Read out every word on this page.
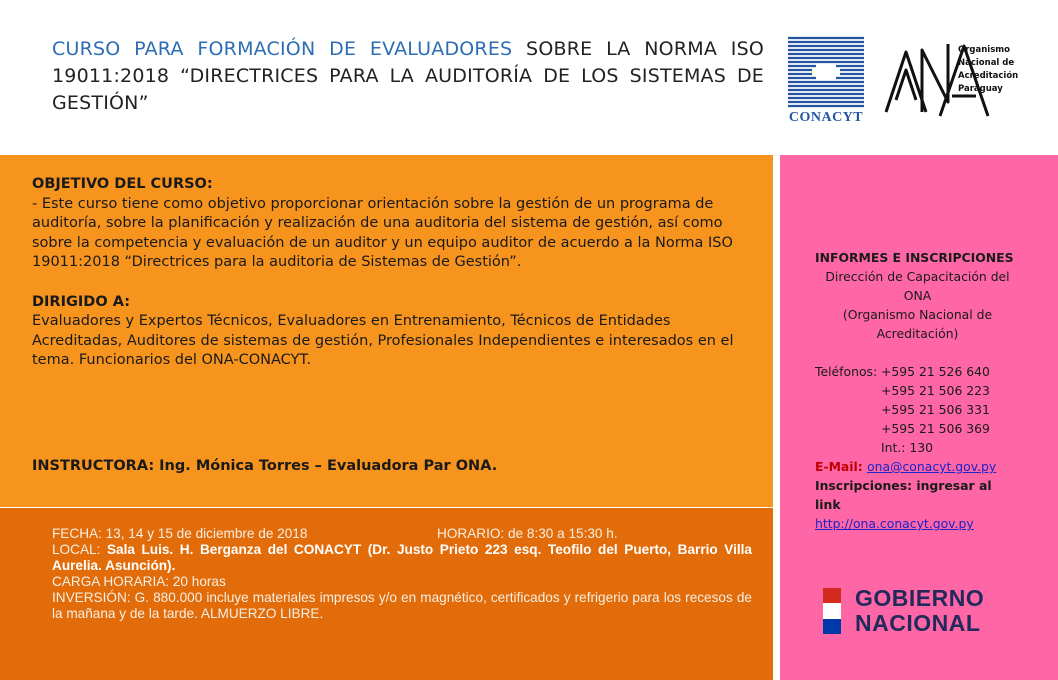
CURSO PARA FORMACIÓN DE EVALUADORES SOBRE LA NORMA ISO 19011:2018 “DIRECTRICES PARA LA AUDITORÍA DE LOS SISTEMAS DE GESTIÓN”
CONACYT
Organismo
Nacional de
Acreditación
Paraguay
OBJETIVO DEL CURSO:

- Este curso tiene como objetivo proporcionar orientación sobre la gestión de un programa de auditoría, sobre la planificación y realización de una auditoria del sistema de gestión, así como sobre la competencia y evaluación de un auditor y un equipo auditor de acuerdo a la Norma ISO 19011:2018 “Directrices para la auditoria de Sistemas de Gestión”.

DIRIGIDO A:

Evaluadores y Expertos Técnicos, Evaluadores en Entrenamiento, Técnicos de Entidades Acreditadas, Auditores de sistemas de gestión, Profesionales Independientes e interesados en el tema. Funcionarios del ONA-CONACYT.

INSTRUCTORA: Ing. Mónica Torres – Evaluadora Par ONA.
FECHA: 13, 14 y 15 de diciembre de 2018	HORARIO: de 8:30 a 15:30 h.

LOCAL: Sala Luis. H. Berganza del CONACYT (Dr. Justo Prieto 223 esq. Teofilo del Puerto, Barrio Villa Aurelia. Asunción).

CARGA HORARIA: 20 horas

INVERSIÓN: G. 880.000 incluye materiales impresos y/o en magnético, certificados y refrigerio para los recesos de la mañana y de la tarde. ALMUERZO LIBRE.

INFORMES E INSCRIPCIONES
Dirección de Capacitación del ONA
(Organismo Nacional de Acreditación)
Teléfonos: +595 21 526 640
+595 21 506 223
+595 21 506 331
+595 21 506 369
Int.: 130
E-Mail: ona@conacyt.gov.py
Inscripciones: ingresar al link
http://ona.conacyt.gov.py
GOBIERNO
NACIONAL
